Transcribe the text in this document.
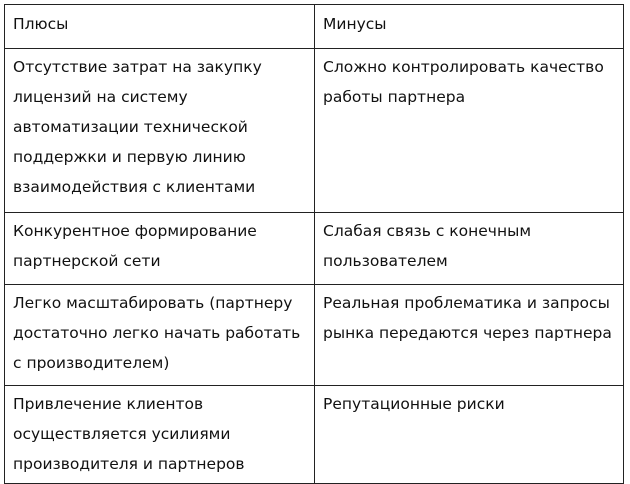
Плюсы	Минусы
Отсутствие затрат на закупку лицензий на систему автоматизации технической поддержки и первую линию взаимодействия с клиентами	Сложно контролировать качество работы партнера
Конкурентное формирование партнерской сети	Слабая связь с конечным пользователем
Легко масштабировать (партнеру достаточно легко начать работать с производителем)	Реальная проблематика и запросы рынка передаются через партнера
Привлечение клиентов осуществляется усилиями производителя и партнеров	Репутационные риски
